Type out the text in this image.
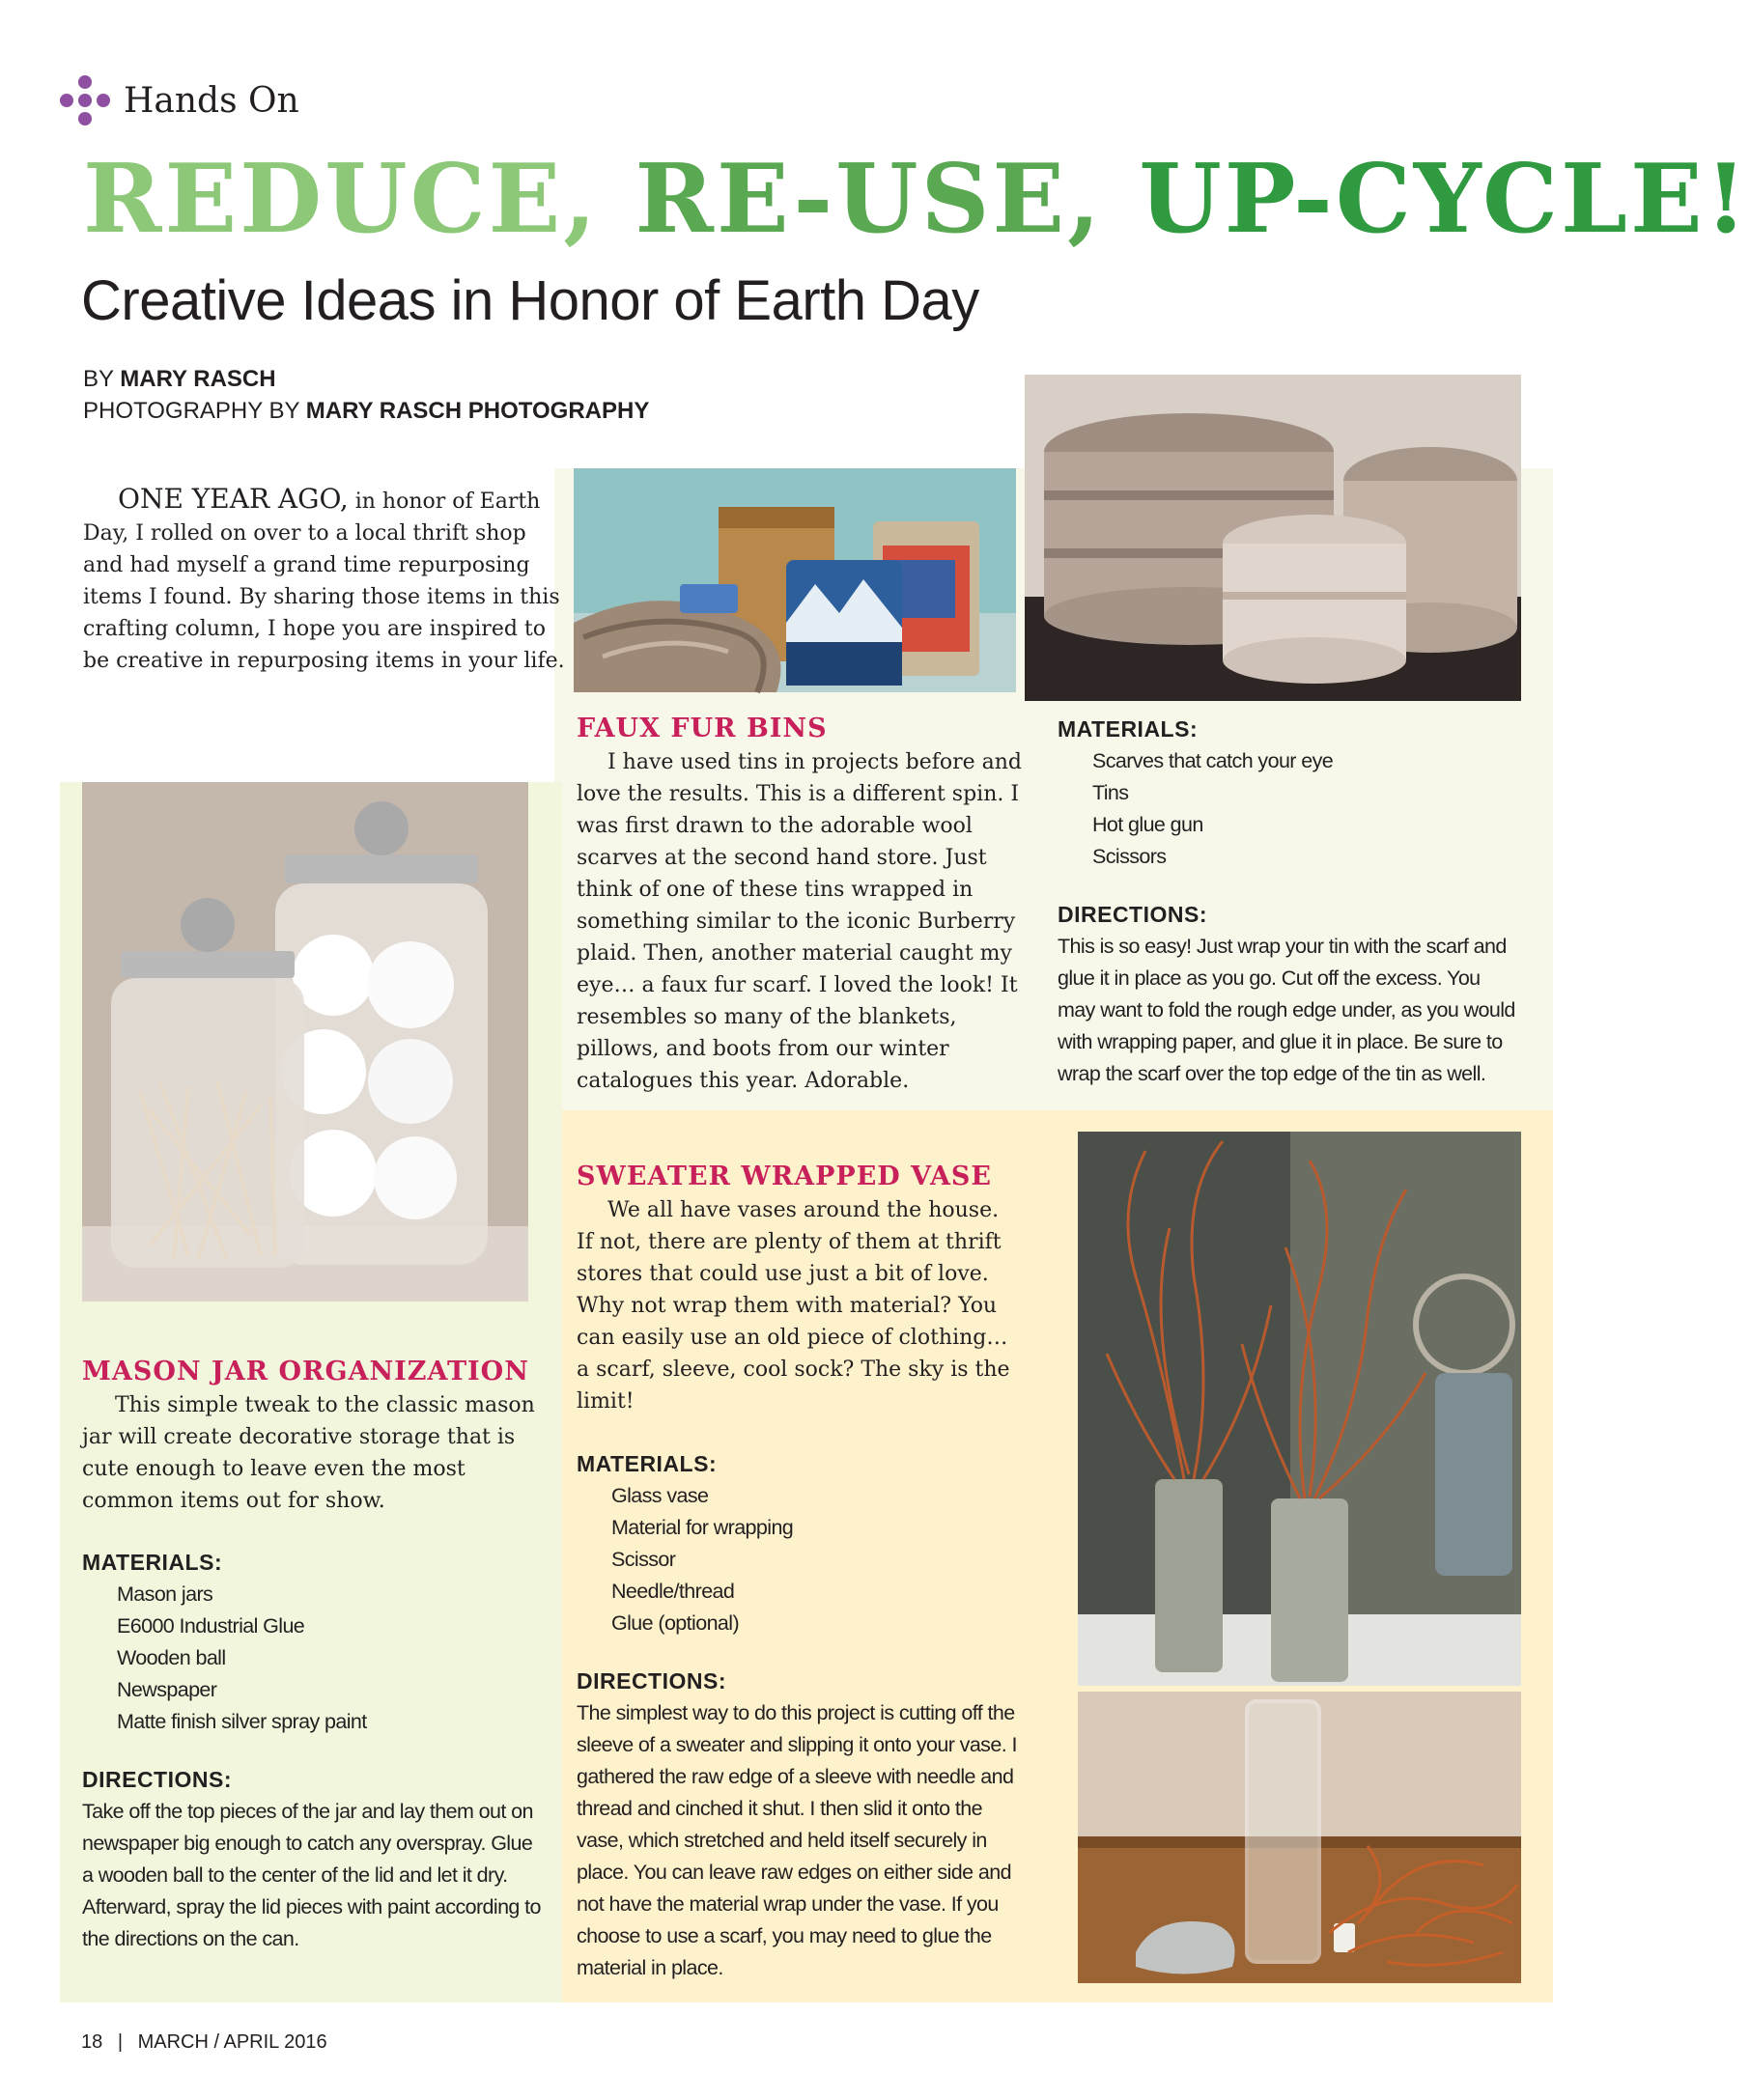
Hands On
REDUCE, RE-USE, UP-CYCLE!
Creative Ideas in Honor of Earth Day
BY MARY RASCH
PHOTOGRAPHY BY MARY RASCH PHOTOGRAPHY
ONE YEAR AGO, in honor of Earth Day, I rolled on over to a local thrift shop and had myself a grand time repurposing items I found. By sharing those items in this crafting column, I hope you are inspired to be creative in repurposing items in your life.
FAUX FUR BINS
I have used tins in projects before and love the results. This is a different spin. I was first drawn to the adorable wool scarves at the second hand store. Just think of one of these tins wrapped in something similar to the iconic Burberry plaid. Then, another material caught my eye… a faux fur scarf. I loved the look! It resembles so many of the blankets, pillows, and boots from our winter catalogues this year. Adorable.
MATERIALS:
Scarves that catch your eye
Tins
Hot glue gun
Scissors
DIRECTIONS:
This is so easy! Just wrap your tin with the scarf and glue it in place as you go. Cut off the excess. You may want to fold the rough edge under, as you would with wrapping paper, and glue it in place. Be sure to wrap the scarf over the top edge of the tin as well.
SWEATER WRAPPED VASE
We all have vases around the house. If not, there are plenty of them at thrift stores that could use just a bit of love. Why not wrap them with material? You can easily use an old piece of clothing… a scarf, sleeve, cool sock? The sky is the limit!
MATERIALS:
Glass vase
Material for wrapping
Scissor
Needle/thread
Glue (optional)
DIRECTIONS:
The simplest way to do this project is cutting off the sleeve of a sweater and slipping it onto your vase. I gathered the raw edge of a sleeve with needle and thread and cinched it shut. I then slid it onto the vase, which stretched and held itself securely in place. You can leave raw edges on either side and not have the material wrap under the vase. If you choose to use a scarf, you may need to glue the material in place.
MASON JAR ORGANIZATION
This simple tweak to the classic mason jar will create decorative storage that is cute enough to leave even the most common items out for show.
MATERIALS:
Mason jars
E6000 Industrial Glue
Wooden ball
Newspaper
Matte finish silver spray paint
DIRECTIONS:
Take off the top pieces of the jar and lay them out on newspaper big enough to catch any overspray. Glue a wooden ball to the center of the lid and let it dry. Afterward, spray the lid pieces with paint according to the directions on the can.
18 | MARCH / APRIL 2016
